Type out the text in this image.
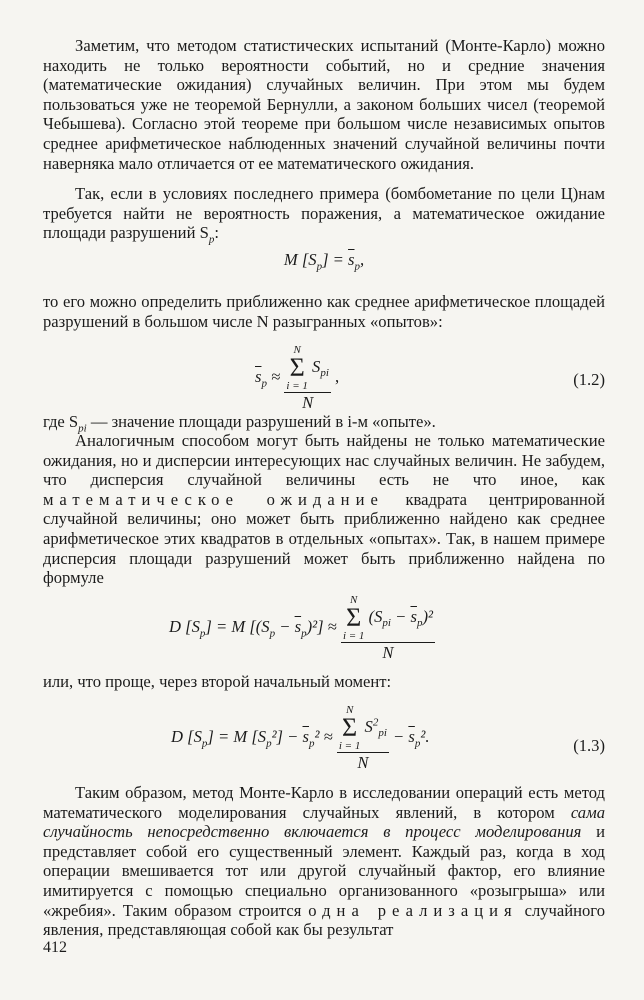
Заметим, что методом статистических испытаний (Монте-Карло) можно находить не только вероятности событий, но и средние значения (математические ожидания) случайных величин. При этом мы будем пользоваться уже не теоремой Бернулли, а законом больших чисел (теоремой Чебышева). Согласно этой теореме при большом числе независимых опытов среднее арифметическое наблюденных значений случайной величины почти наверняка мало отличается от ее математического ожидания.

Так, если в условиях последнего примера (бомбометание по цели Ц)нам требуется найти не вероятность поражения, а математическое ожидание площади разрушений $S_р$:

M $[S_р] = \overline{s}_р$,

то его можно определить приближенно как среднее арифметическое площадей разрушений в большом числе N разыгранных «опытов»:

$\overline{s}_р \approx N$
Σ
i = 1 $S_{рi}$
N ,	(1.2)

где $S_{рi}$ — значение площади разрушений в i-м «опыте».

Аналогичным способом могут быть найдены не только математические ожидания, но и дисперсии интересующих нас случайных величин. Не забудем, что дисперсия случайной величины есть не что иное, как математическое ожидание квадрата центрированной случайной величины; оно может быть приближенно найдено как среднее арифметическое этих квадратов в отдельных «опытах». Так, в нашем примере дисперсия площади разрушений может быть приближенно найдена по формуле

D $[S_р] = M$ $[(S_р - \overline{s}_р)^2]$ ≈
N
Σ
i = 1 $(S_{рi} - \overline{s}_р)^2$
N

или, что проще, через второй начальный момент:

D $[S_р] = M$ $[S_р^2] - \overline{s}_р^2 \approx N$
Σ
i = 1 $S^2_{рi}$
$N - \overline{s}_р^2$.	(1.3)

Таким образом, метод Монте-Карло в исследовании операций есть метод математического моделирования случайных явлений, в котором сама случайность непосредственно включается в процесс моделирования и представляет собой его существенный элемент. Каждый раз, когда в ход операции вмешивается тот или другой случайный фактор, его влияние имитируется с помощью специально организованного «розыгрыша» или «жребия». Таким образом строится одна реализация случайного явления, представляющая собой как бы результат

412
